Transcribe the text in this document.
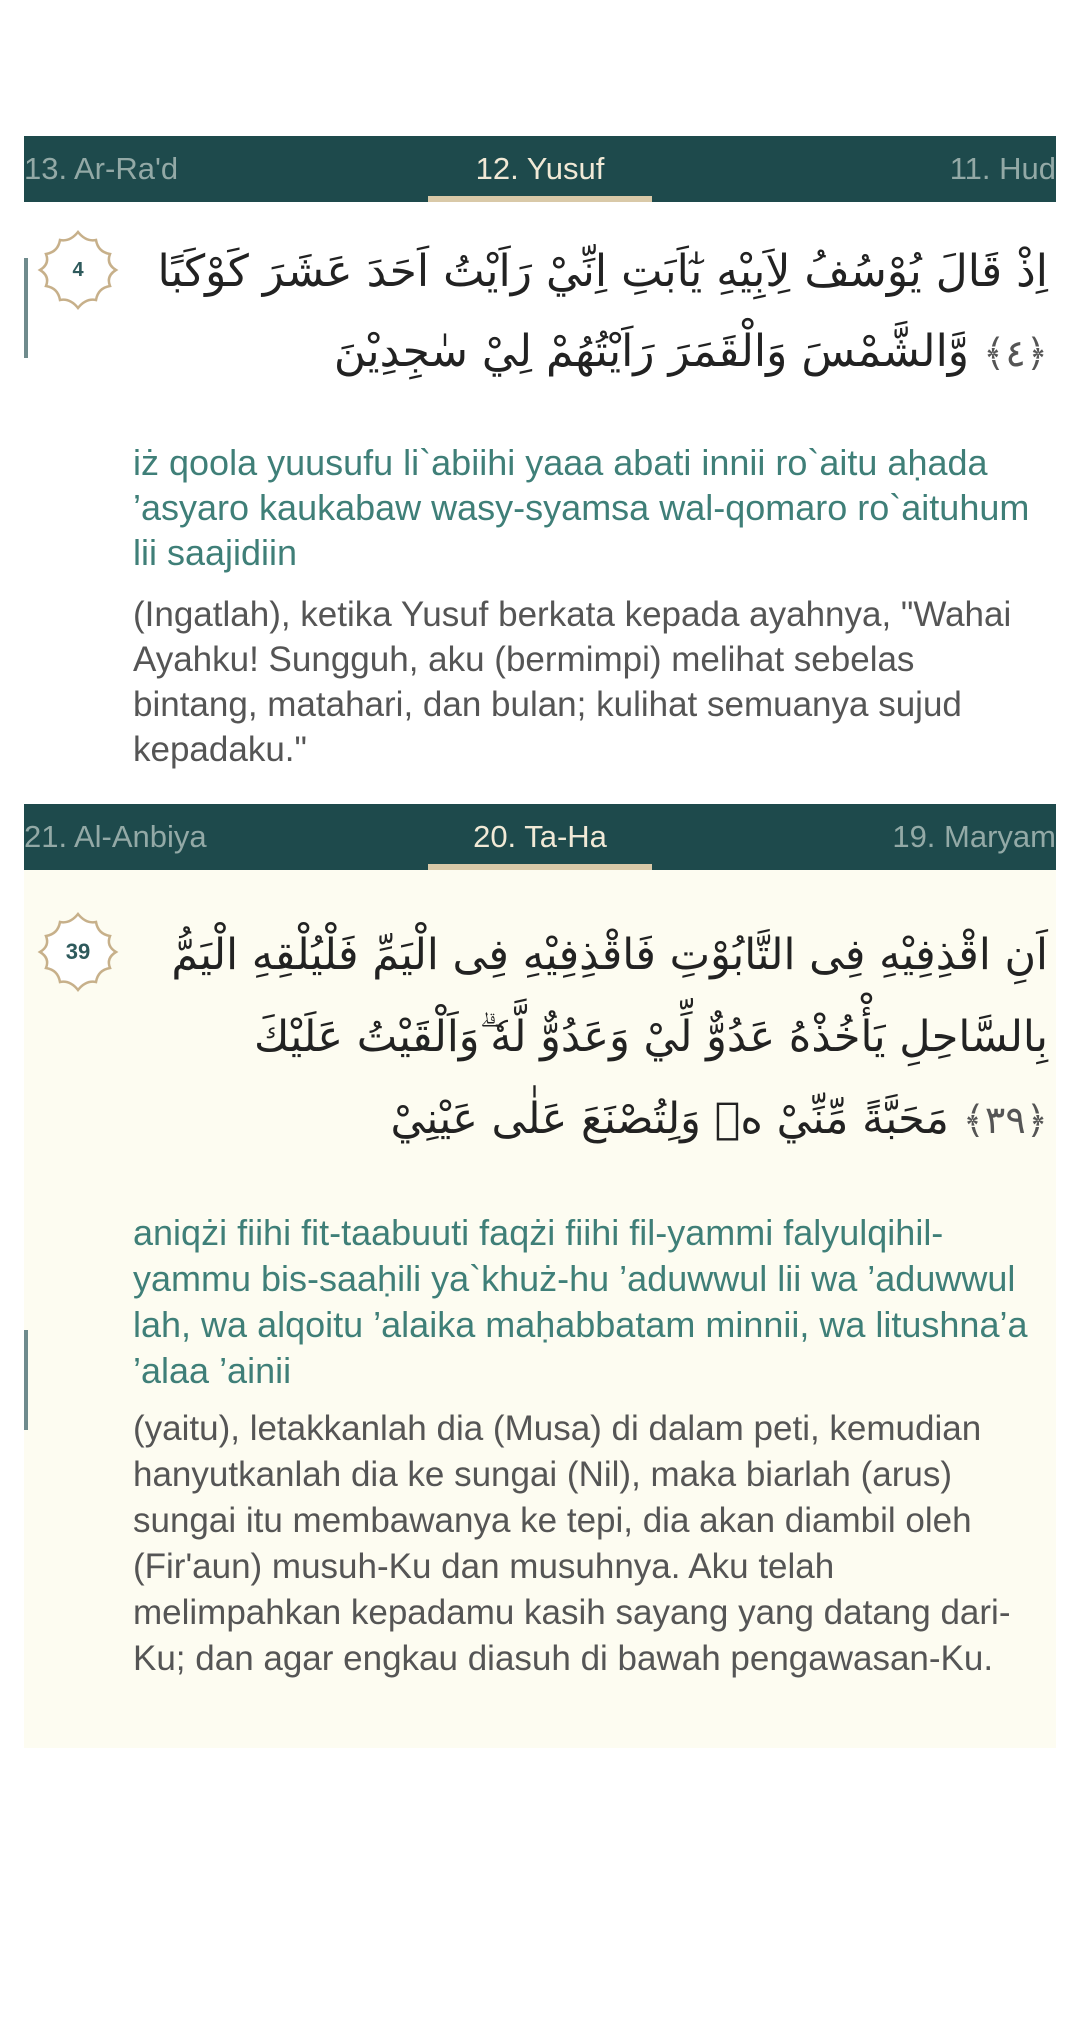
13. Ar-Ra'd	12. Yusuf	11. Hud
4	اِذْ قَالَ يُوْسُفُ لِاَبِيْهِ يٰٓاَبَتِ اِنِّيْ رَاَيْتُ اَحَدَ عَشَرَ كَوْكَبًا
﴿٤﴾ وَّالشَّمْسَ وَالْقَمَرَ رَاَيْتُهُمْ لِيْ سٰجِدِيْنَ
iż qoola yuusufu li`abiihi yaaa abati innii ro`aitu aḥada ’asyaro kaukabaw wasy-syamsa wal-qomaro ro`aituhum lii saajidiin
(Ingatlah), ketika Yusuf berkata kepada ayahnya, "Wahai Ayahku! Sungguh, aku (bermimpi) melihat sebelas bintang, matahari, dan bulan; kulihat semuanya sujud kepadaku."
21. Al-Anbiya	20. Ta-Ha	19. Maryam
39	اَنِ اقْذِفِيْهِ فِى التَّابُوْتِ فَاقْذِفِيْهِ فِى الْيَمِّ فَلْيُلْقِهِ الْيَمُّ
بِالسَّاحِلِ يَأْخُذْهُ عَدُوٌّ لِّيْ وَعَدُوٌّ لَّهٗ ۗوَاَلْقَيْتُ عَلَيْكَ
﴿٣٩﴾ مَحَبَّةً مِّنِّيْ ەۚ وَلِتُصْنَعَ عَلٰى عَيْنِيْ
aniqżi fiihi fit-taabuuti faqżi fiihi fil-yammi falyulqihil-yammu bis-saaḥili ya`khuż-hu ’aduwwul lii wa ’aduwwul lah, wa alqoitu ’alaika maḥabbatam minnii, wa litushna’a ’alaa ’ainii
(yaitu), letakkanlah dia (Musa) di dalam peti, kemudian hanyutkanlah dia ke sungai (Nil), maka biarlah (arus) sungai itu membawanya ke tepi, dia akan diambil oleh (Fir'aun) musuh-Ku dan musuhnya. Aku telah melimpahkan kepadamu kasih sayang yang datang dari-Ku; dan agar engkau diasuh di bawah pengawasan-Ku.
